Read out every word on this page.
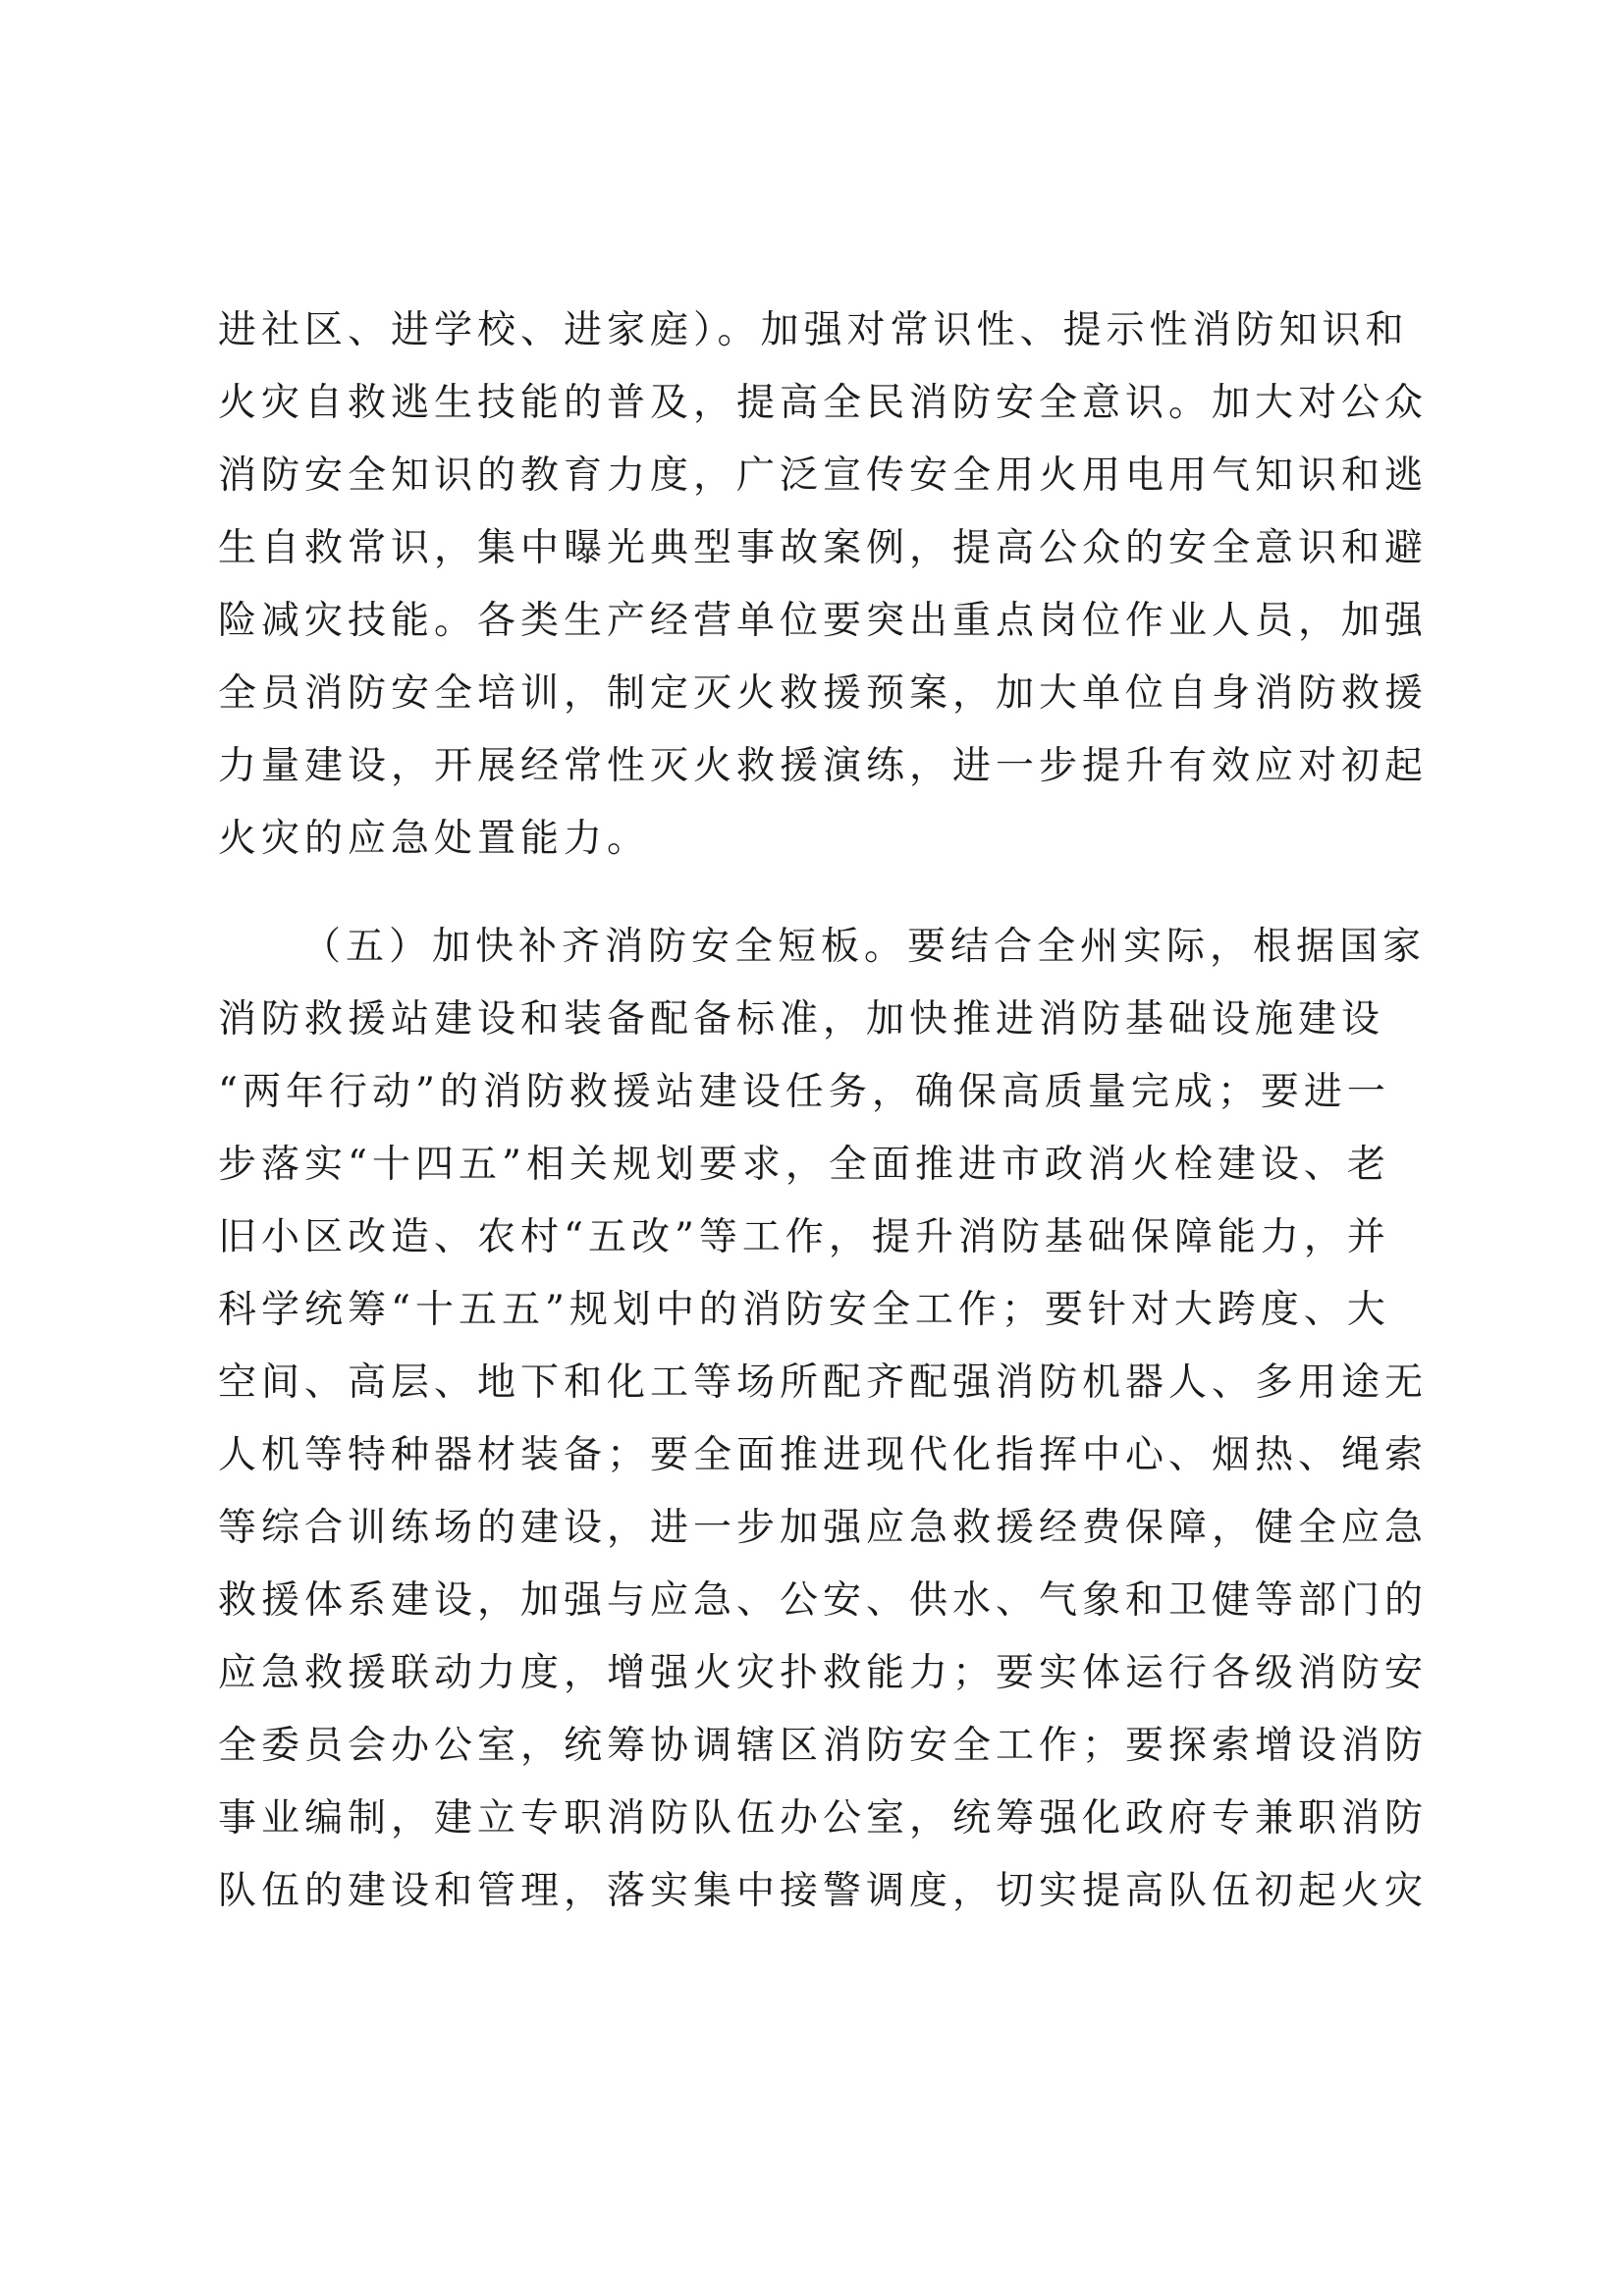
进社区、进学校、进家庭）。加强对常识性、提示性消防知识和
火灾自救逃生技能的普及，提高全民消防安全意识。加大对公众
消防安全知识的教育力度，广泛宣传安全用火用电用气知识和逃
生自救常识，集中曝光典型事故案例，提高公众的安全意识和避
险减灾技能。各类生产经营单位要突出重点岗位作业人员，加强
全员消防安全培训，制定灭火救援预案，加大单位自身消防救援
力量建设，开展经常性灭火救援演练，进一步提升有效应对初起
火灾的应急处置能力。
（五）加快补齐消防安全短板。要结合全州实际，根据国家
消防救援站建设和装备配备标准，加快推进消防基础设施建设
“两年行动”的消防救援站建设任务，确保高质量完成；要进一
步落实“十四五”相关规划要求，全面推进市政消火栓建设、老
旧小区改造、农村“五改”等工作，提升消防基础保障能力，并
科学统筹“十五五”规划中的消防安全工作；要针对大跨度、大
空间、高层、地下和化工等场所配齐配强消防机器人、多用途无
人机等特种器材装备；要全面推进现代化指挥中心、烟热、绳索
等综合训练场的建设，进一步加强应急救援经费保障，健全应急
救援体系建设，加强与应急、公安、供水、气象和卫健等部门的
应急救援联动力度，增强火灾扑救能力；要实体运行各级消防安
全委员会办公室，统筹协调辖区消防安全工作；要探索增设消防
事业编制，建立专职消防队伍办公室，统筹强化政府专兼职消防
队伍的建设和管理，落实集中接警调度，切实提高队伍初起火灾
